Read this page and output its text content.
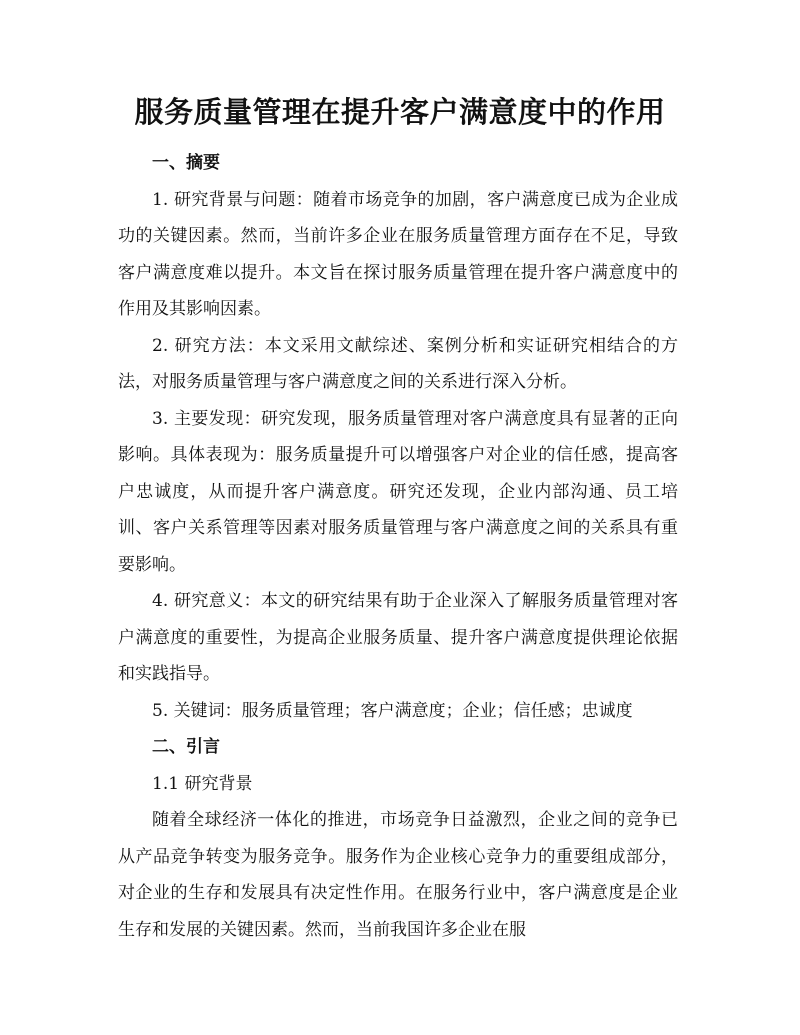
服务质量管理在提升客户满意度中的作用

一、摘要

1. 研究背景与问题：随着市场竞争的加剧，客户满意度已成为企业成功的关键因素。然而，当前许多企业在服务质量管理方面存在不足，导致客户满意度难以提升。本文旨在探讨服务质量管理在提升客户满意度中的作用及其影响因素。

2. 研究方法：本文采用文献综述、案例分析和实证研究相结合的方法，对服务质量管理与客户满意度之间的关系进行深入分析。

3. 主要发现：研究发现，服务质量管理对客户满意度具有显著的正向影响。具体表现为：服务质量提升可以增强客户对企业的信任感，提高客户忠诚度，从而提升客户满意度。研究还发现，企业内部沟通、员工培训、客户关系管理等因素对服务质量管理与客户满意度之间的关系具有重要影响。

4. 研究意义：本文的研究结果有助于企业深入了解服务质量管理对客户满意度的重要性，为提高企业服务质量、提升客户满意度提供理论依据和实践指导。

5. 关键词：服务质量管理；客户满意度；企业；信任感；忠诚度

二、引言

1.1 研究背景

随着全球经济一体化的推进，市场竞争日益激烈，企业之间的竞争已从产品竞争转变为服务竞争。服务作为企业核心竞争力的重要组成部分，对企业的生存和发展具有决定性作用。在服务行业中，客户满意度是企业生存和发展的关键因素。然而，当前我国许多企业在服
